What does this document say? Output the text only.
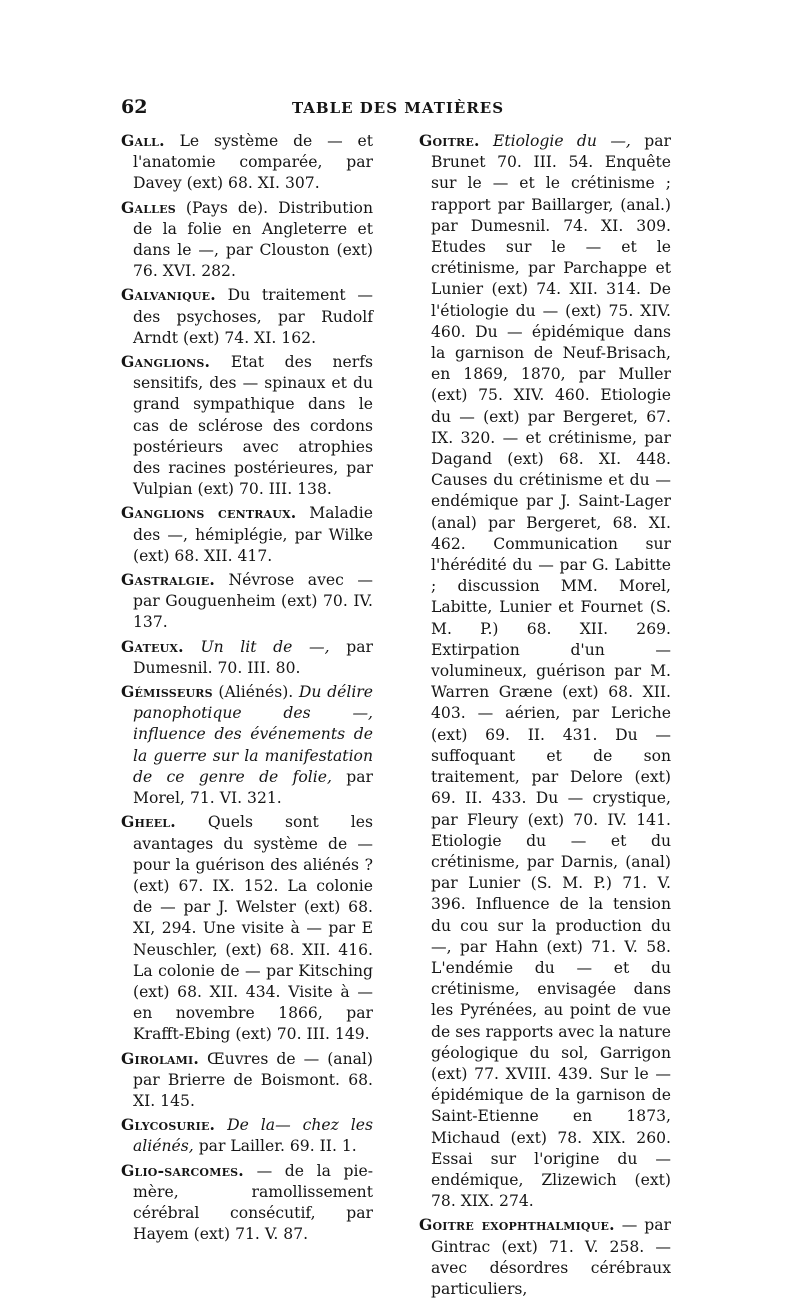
62	TABLE DES MATIÈRES

Gall. Le système de — et l'anatomie comparée, par Davey (ext) 68. XI. 307.

Galles (Pays de). Distribution de la folie en Angleterre et dans le —, par Clouston (ext) 76. XVI. 282.

Galvanique. Du traitement — des psychoses, par Rudolf Arndt (ext) 74. XI. 162.

Ganglions. Etat des nerfs sensitifs, des — spinaux et du grand sympathique dans le cas de sclérose des cordons postérieurs avec atrophies des racines postérieures, par Vulpian (ext) 70. III. 138.

Ganglions centraux. Maladie des —, hémiplégie, par Wilke (ext) 68. XII. 417.

Gastralgie. Névrose avec — par Gouguenheim (ext) 70. IV. 137.

Gateux. Un lit de —, par Dumesnil. 70. III. 80.

Gémisseurs (Aliénés). Du délire panophotique des —, influence des événements de la guerre sur la manifestation de ce genre de folie, par Morel, 71. VI. 321.

Gheel. Quels sont les avantages du système de — pour la guérison des aliénés ? (ext) 67. IX. 152. La colonie de — par J. Welster (ext) 68. XI, 294. Une visite à — par E Neuschler, (ext) 68. XII. 416. La colonie de — par Kitsching (ext) 68. XII. 434. Visite à — en novembre 1866, par Krafft-Ebing (ext) 70. III. 149.

Girolami. Œuvres de — (anal) par Brierre de Boismont. 68. XI. 145.

Glycosurie. De la— chez les aliénés, par Lailler. 69. II. 1.

Glio-sarcomes. — de la pie-mère, ramollissement cérébral consécutif, par Hayem (ext) 71. V. 87.

Goitre. Etiologie du —, par Brunet 70. III. 54. Enquête sur le — et le crétinisme ; rapport par Baillarger, (anal.) par Dumesnil. 74. XI. 309. Etudes sur le — et le crétinisme, par Parchappe et Lunier (ext) 74. XII. 314. De l'étiologie du — (ext) 75. XIV. 460. Du — épidémique dans la garnison de Neuf-Brisach, en 1869, 1870, par Muller (ext) 75. XIV. 460. Etiologie du — (ext) par Bergeret, 67. IX. 320. — et crétinisme, par Dagand (ext) 68. XI. 448. Causes du crétinisme et du — endémique par J. Saint-Lager (anal) par Bergeret, 68. XI. 462. Communication sur l'hérédité du — par G. Labitte ; discussion MM. Morel, Labitte, Lunier et Fournet (S. M. P.) 68. XII. 269. Extirpation d'un — volumineux, guérison par M. Warren Græne (ext) 68. XII. 403. — aérien, par Leriche (ext) 69. II. 431. Du — suffoquant et de son traitement, par Delore (ext) 69. II. 433. Du — crystique, par Fleury (ext) 70. IV. 141. Etiologie du — et du crétinisme, par Darnis, (anal) par Lunier (S. M. P.) 71. V. 396. Influence de la tension du cou sur la production du —, par Hahn (ext) 71. V. 58. L'endémie du — et du crétinisme, envisagée dans les Pyrénées, au point de vue de ses rapports avec la nature géologique du sol, Garrigon (ext) 77. XVIII. 439. Sur le — épidémique de la garnison de Saint-Etienne en 1873, Michaud (ext) 78. XIX. 260. Essai sur l'origine du — endémique, Zlizewich (ext) 78. XIX. 274.

Goitre exophthalmique. — par Gintrac (ext) 71. V. 258. — avec désordres cérébraux particuliers,
